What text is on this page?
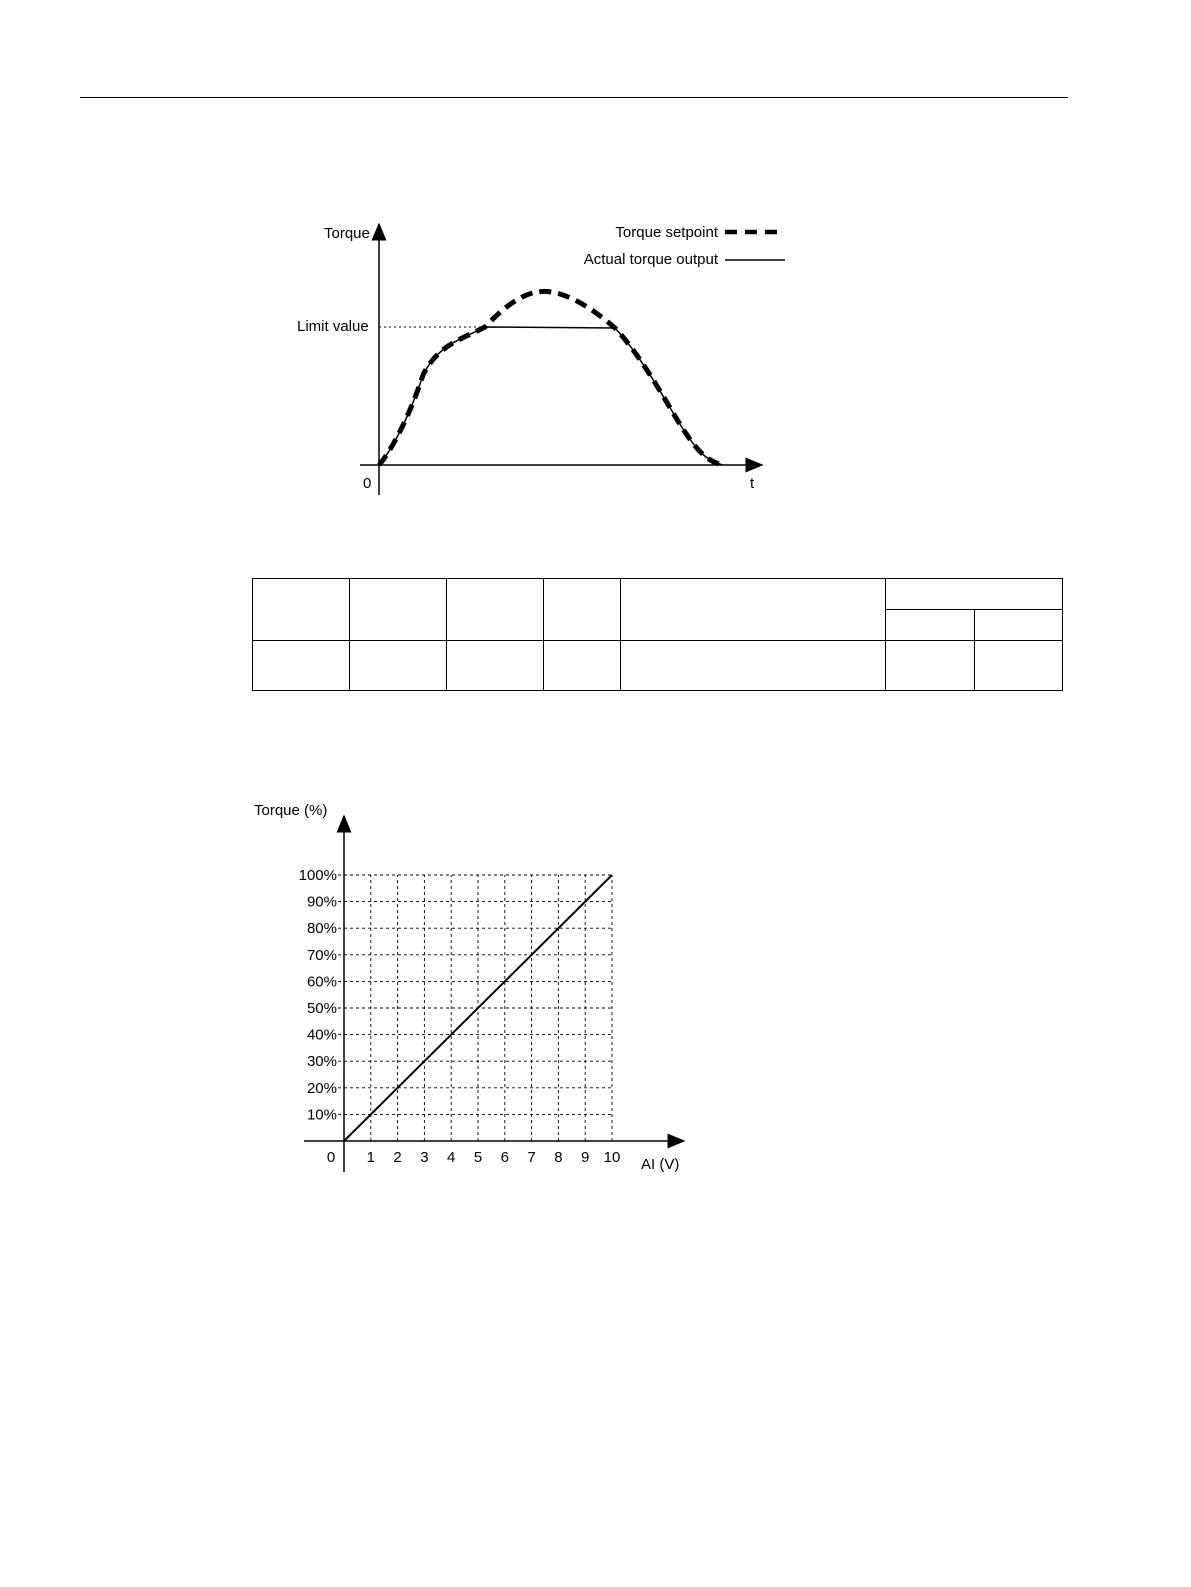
Torque
t
0
Limit value
Torque setpoint
Actual torque output

Torque (%)
AI (V)
0 1 2 3 4 5 6 7 8 9 10
10%
20%
30%
40%
50%
60%
70%
80%
90%
100%
